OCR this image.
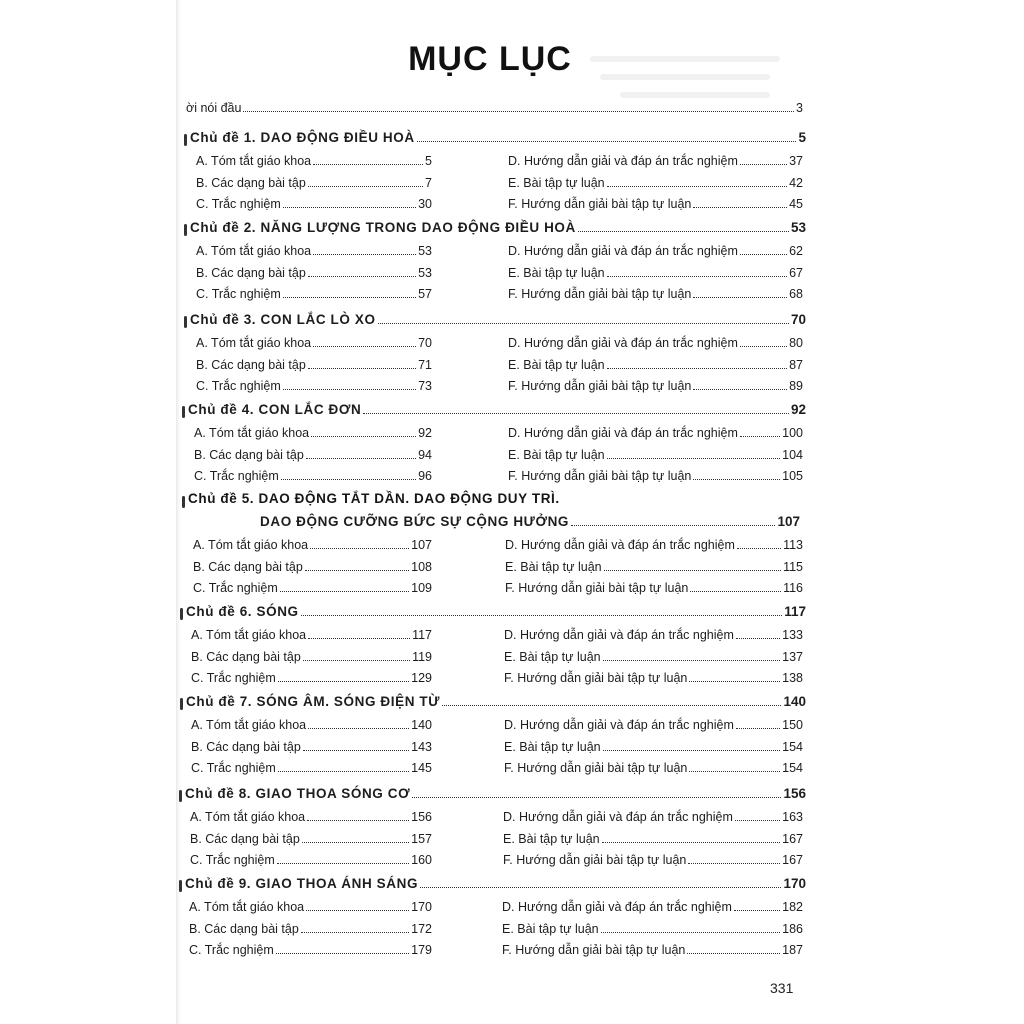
MỤC LỤC
ời nói đầu	3
Chủ đề 1. DAO ĐỘNG ĐIỀU HOÀ	5
A. Tóm tắt giáo khoa	5	D. Hướng dẫn giải và đáp án trắc nghiệm	37
B. Các dạng bài tập	7	E. Bài tập tự luận	42
C. Trắc nghiệm	30	F. Hướng dẫn giải bài tập tự luận	45
Chủ đề 2. NĂNG LƯỢNG TRONG DAO ĐỘNG ĐIỀU HOÀ	53
A. Tóm tắt giáo khoa	53	D. Hướng dẫn giải và đáp án trắc nghiệm	62
B. Các dạng bài tập	53	E. Bài tập tự luận	67
C. Trắc nghiệm	57	F. Hướng dẫn giải bài tập tự luận	68
Chủ đề 3. CON LẮC LÒ XO	70
A. Tóm tắt giáo khoa	70	D. Hướng dẫn giải và đáp án trắc nghiệm	80
B. Các dạng bài tập	71	E. Bài tập tự luận	87
C. Trắc nghiệm	73	F. Hướng dẫn giải bài tập tự luận	89
Chủ đề 4. CON LẮC ĐƠN	92
A. Tóm tắt giáo khoa	92	D. Hướng dẫn giải và đáp án trắc nghiệm	100
B. Các dạng bài tập	94	E. Bài tập tự luận	104
C. Trắc nghiệm	96	F. Hướng dẫn giải bài tập tự luận	105
Chủ đề 5. DAO ĐỘNG TẮT DẦN. DAO ĐỘNG DUY TRÌ.
DAO ĐỘNG CƯỠNG BỨC SỰ CỘNG HƯỞNG	107
A. Tóm tắt giáo khoa	107	D. Hướng dẫn giải và đáp án trắc nghiệm	113
B. Các dạng bài tập	108	E. Bài tập tự luận	115
C. Trắc nghiệm	109	F. Hướng dẫn giải bài tập tự luận	116
Chủ đề 6. SÓNG	117
A. Tóm tắt giáo khoa	117	D. Hướng dẫn giải và đáp án trắc nghiệm	133
B. Các dạng bài tập	119	E. Bài tập tự luận	137
C. Trắc nghiệm	129	F. Hướng dẫn giải bài tập tự luận	138
Chủ đề 7. SÓNG ÂM. SÓNG ĐIỆN TỪ	140
A. Tóm tắt giáo khoa	140	D. Hướng dẫn giải và đáp án trắc nghiệm	150
B. Các dạng bài tập	143	E. Bài tập tự luận	154
C. Trắc nghiệm	145	F. Hướng dẫn giải bài tập tự luận	154
Chủ đề 8. GIAO THOA SÓNG CƠ	156
A. Tóm tắt giáo khoa	156	D. Hướng dẫn giải và đáp án trắc nghiệm	163
B. Các dạng bài tập	157	E. Bài tập tự luận	167
C. Trắc nghiệm	160	F. Hướng dẫn giải bài tập tự luận	167
Chủ đề 9. GIAO THOA ÁNH SÁNG	170
A. Tóm tắt giáo khoa	170	D. Hướng dẫn giải và đáp án trắc nghiệm	182
B. Các dạng bài tập	172	E. Bài tập tự luận	186
C. Trắc nghiệm	179	F. Hướng dẫn giải bài tập tự luận	187
331
